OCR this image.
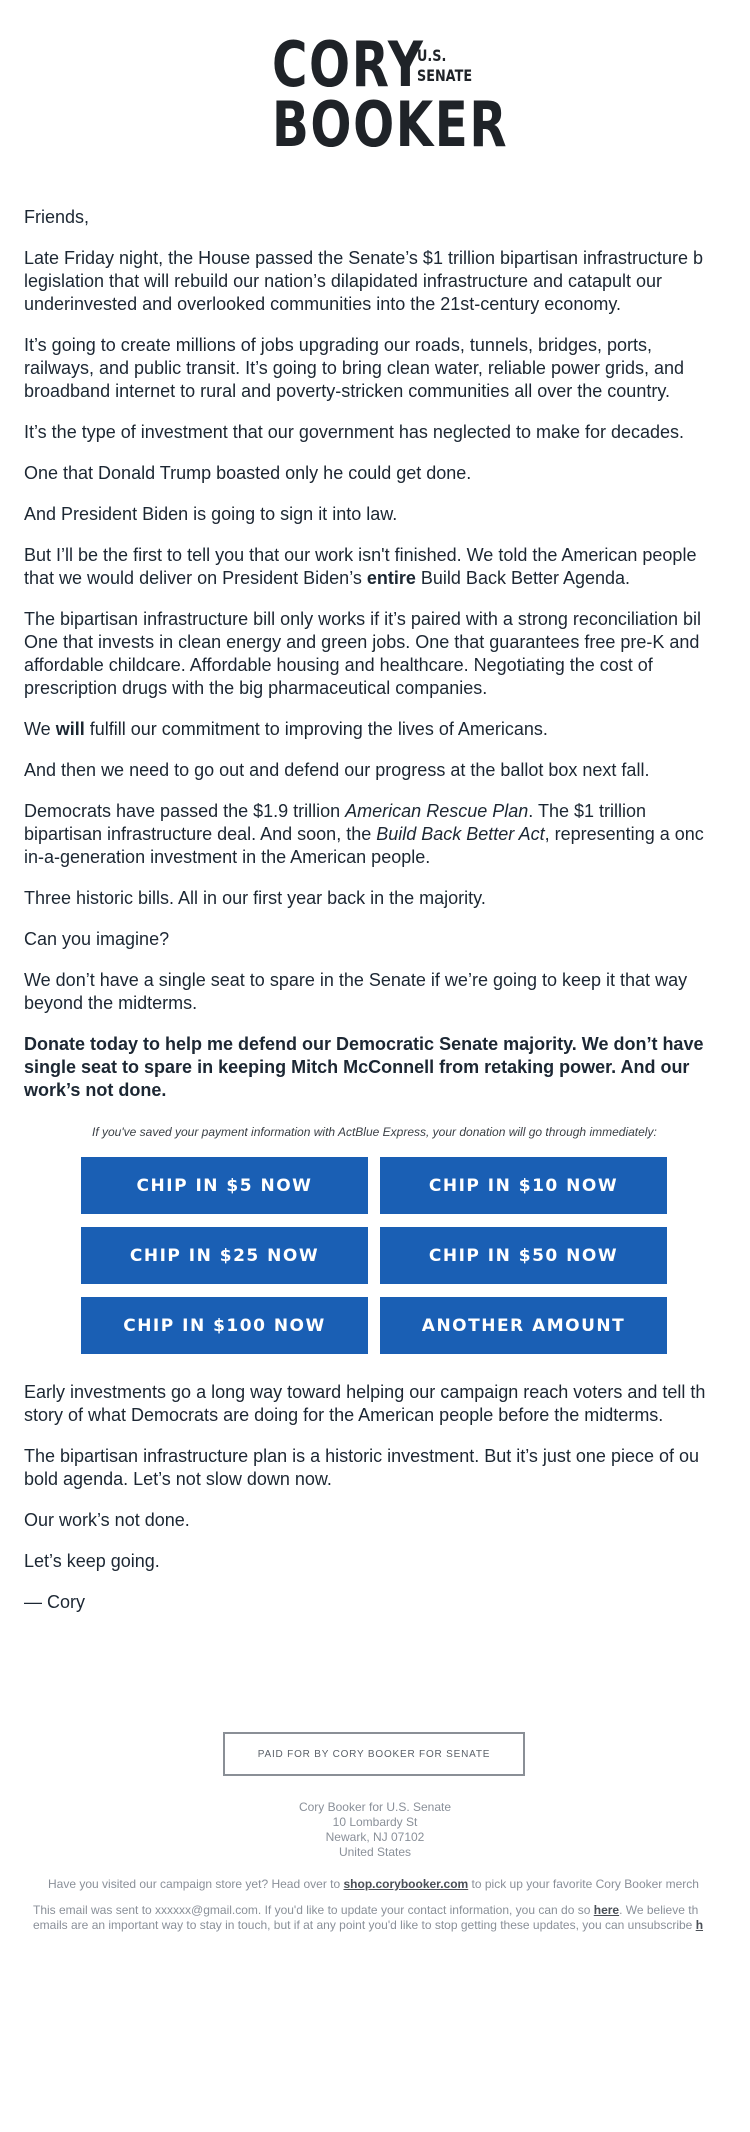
CORY
BOOKER
U.S.
SENATE

Friends,

Late Friday night, the House passed the Senate’s $1 trillion bipartisan infrastructure b
legislation that will rebuild our nation’s dilapidated infrastructure and catapult our
underinvested and overlooked communities into the 21st-century economy.

It’s going to create millions of jobs upgrading our roads, tunnels, bridges, ports,
railways, and public transit. It’s going to bring clean water, reliable power grids, and
broadband internet to rural and poverty-stricken communities all over the country.

It’s the type of investment that our government has neglected to make for decades.

One that Donald Trump boasted only he could get done.

And President Biden is going to sign it into law.

But I’ll be the first to tell you that our work isn't finished. We told the American people
that we would deliver on President Biden’s entire Build Back Better Agenda.

The bipartisan infrastructure bill only works if it’s paired with a strong reconciliation bil
One that invests in clean energy and green jobs. One that guarantees free pre-K and
affordable childcare. Affordable housing and healthcare. Negotiating the cost of
prescription drugs with the big pharmaceutical companies.

We will fulfill our commitment to improving the lives of Americans.

And then we need to go out and defend our progress at the ballot box next fall.

Democrats have passed the $1.9 trillion American Rescue Plan. The $1 trillion
bipartisan infrastructure deal. And soon, the Build Back Better Act, representing a onc
in-a-generation investment in the American people.

Three historic bills. All in our first year back in the majority.

Can you imagine?

We don’t have a single seat to spare in the Senate if we’re going to keep it that way
beyond the midterms.

Donate today to help me defend our Democratic Senate majority. We don’t have
single seat to spare in keeping Mitch McConnell from retaking power. And our
work’s not done.

If you've saved your payment information with ActBlue Express, your donation will go through immediately:
CHIP IN $5 NOW	CHIP IN $10 NOW
CHIP IN $25 NOW	CHIP IN $50 NOW
CHIP IN $100 NOW	ANOTHER AMOUNT

Early investments go a long way toward helping our campaign reach voters and tell th
story of what Democrats are doing for the American people before the midterms.

The bipartisan infrastructure plan is a historic investment. But it’s just one piece of ou
bold agenda. Let’s not slow down now.

Our work’s not done.

Let’s keep going.

— Cory

PAID FOR BY CORY BOOKER FOR SENATE
Cory Booker for U.S. Senate
10 Lombardy St
Newark, NJ 07102
United States
Have you visited our campaign store yet? Head over to shop.corybooker.com to pick up your favorite Cory Booker merch
This email was sent to xxxxxx@gmail.com. If you'd like to update your contact information, you can do so here. We believe th
emails are an important way to stay in touch, but if at any point you'd like to stop getting these updates, you can unsubscribe h
